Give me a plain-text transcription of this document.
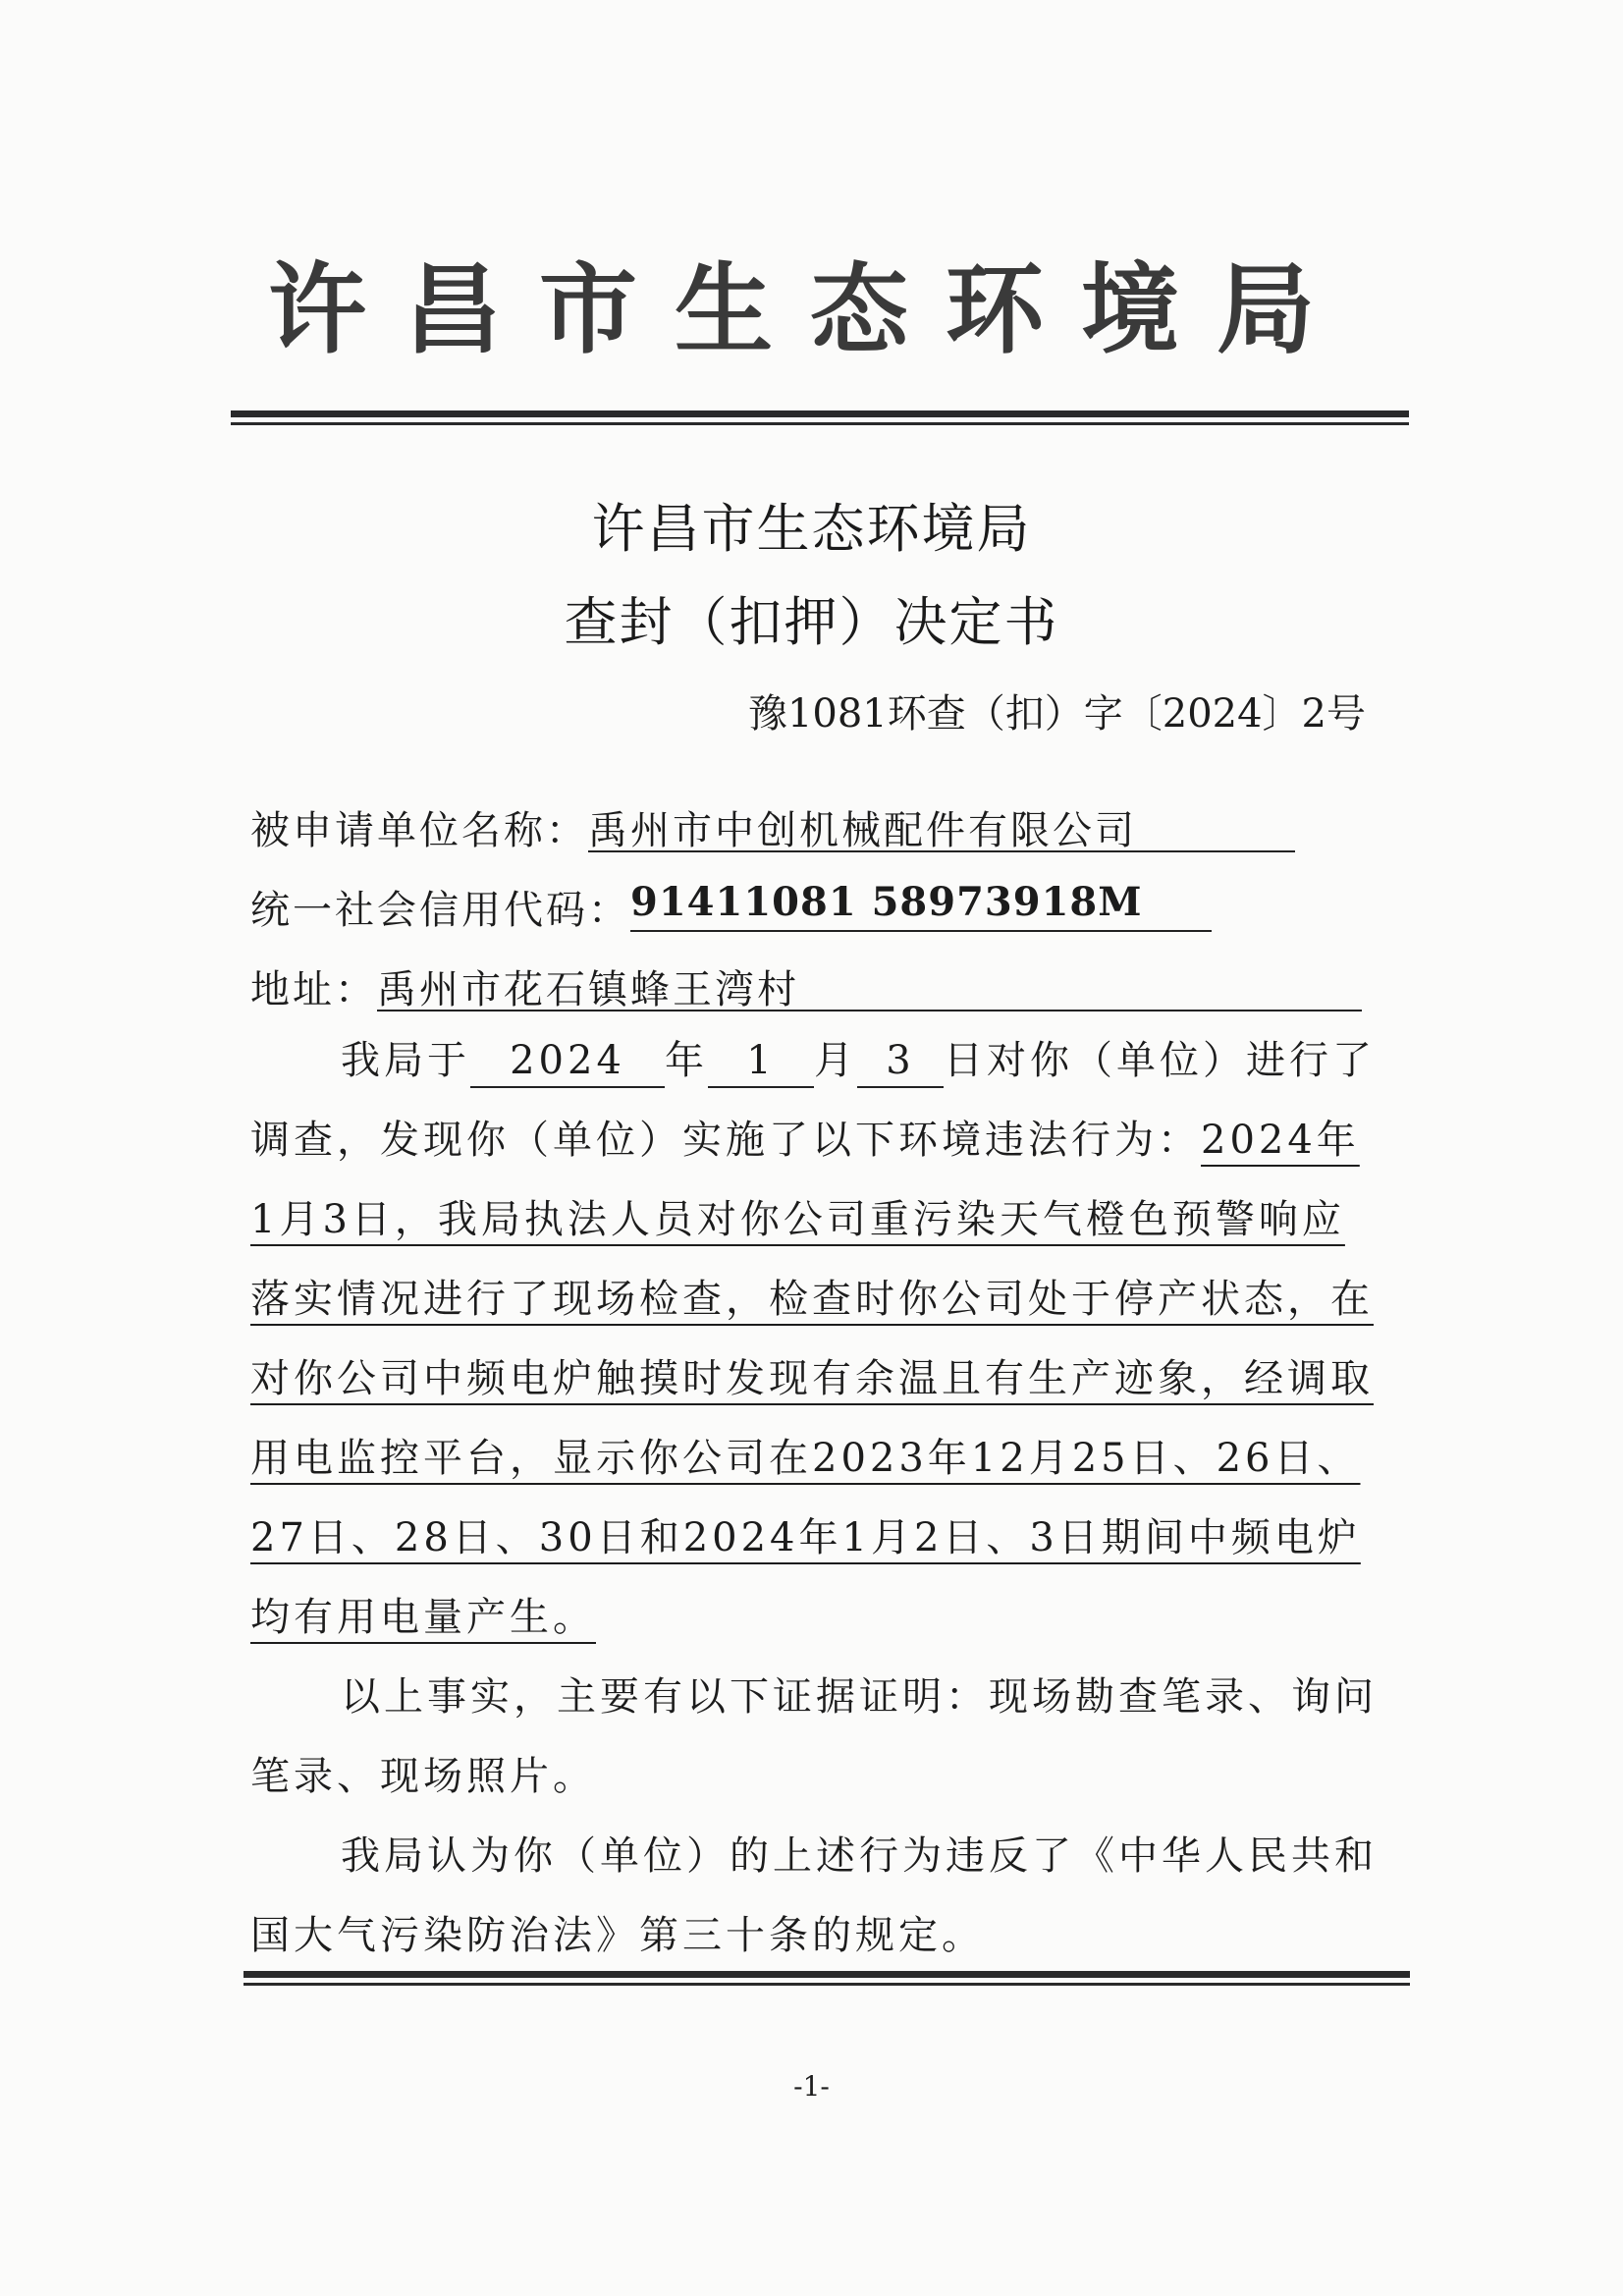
许昌市生态环境局
许昌市生态环境局
查封（扣押）决定书
豫1081环查（扣）字〔2024〕2号
被申请单位名称：禹州市中创机械配件有限公司
统一社会信用代码：91411081 58973918M
地址：禹州市花石镇蜂王湾村
我局于 2024 年 1 月 3 日对你（单位）进行了调查，发现你（单位）实施了以下环境违法行为：2024年1月3日，我局执法人员对你公司重污染天气橙色预警响应落实情况进行了现场检查，检查时你公司处于停产状态，在对你公司中频电炉触摸时发现有余温且有生产迹象，经调取用电监控平台，显示你公司在2023年12月25日、26日、27日、28日、30日和2024年1月2日、3日期间中频电炉均有用电量产生。
以上事实，主要有以下证据证明：现场勘查笔录、询问笔录、现场照片。
我局认为你（单位）的上述行为违反了《中华人民共和国大气污染防治法》第三十条的规定。
-1-
